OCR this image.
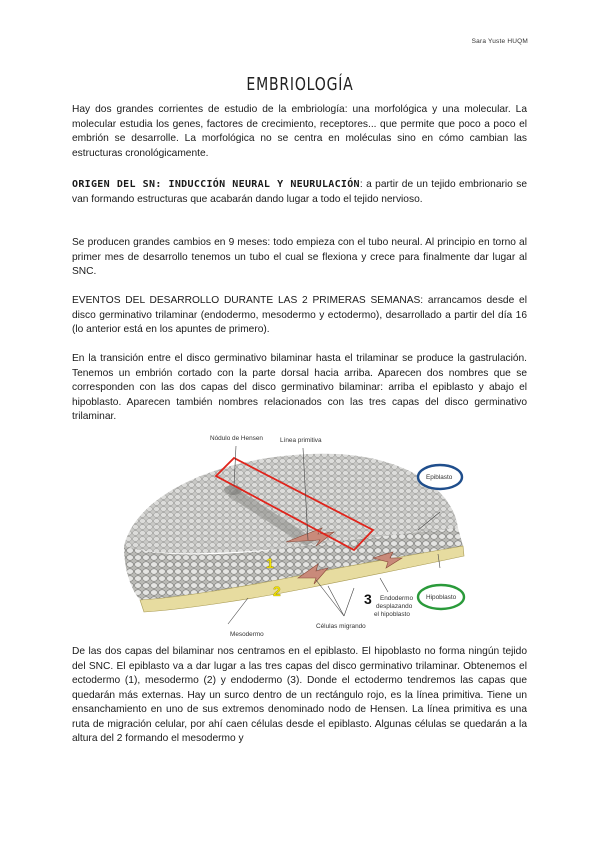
Sara Yuste HUQM
EMBRIOLOGÍA

Hay dos grandes corrientes de estudio de la embriología: una morfológica y una molecular. La molecular estudia los genes, factores de crecimiento, receptores... que permite que poco a poco el embrión se desarrolle. La morfológica no se centra en moléculas sino en cómo cambian las estructuras cronológicamente.

ORIGEN DEL SN: INDUCCIÓN NEURAL Y NEURULACIÓN: a partir de un tejido embrionario se van formando estructuras que acabarán dando lugar a todo el tejido nervioso.

Se producen grandes cambios en 9 meses: todo empieza con el tubo neural. Al principio en torno al primer mes de desarrollo tenemos un tubo el cual se flexiona y crece para finalmente dar lugar al SNC.

EVENTOS DEL DESARROLLO DURANTE LAS 2 PRIMERAS SEMANAS: arrancamos desde el disco germinativo trilaminar (endodermo, mesodermo y ectodermo), desarrollado a partir del día 16 (lo anterior está en los apuntes de primero).

En la transición entre el disco germinativo bilaminar hasta el trilaminar se produce la gastrulación. Tenemos un embrión cortado con la parte dorsal hacia arriba. Aparecen dos nombres que se corresponden con las dos capas del disco germinativo bilaminar: arriba el epiblasto y abajo el hipoblasto. Aparecen también nombres relacionados con las tres capas del disco germinativo trilaminar.

Nódulo de Hensen	Línea primitiva
Mesodermo
Células migrando
Endodermo
desplazando
el hipoblasto
Epiblasto
Hipoblasto
1
2	3

De las dos capas del bilaminar nos centramos en el epiblasto. El hipoblasto no forma ningún tejido del SNC. El epiblasto va a dar lugar a las tres capas del disco germinativo trilaminar. Obtenemos el ectodermo (1), mesodermo (2) y endodermo (3). Donde el ectodermo tendremos las capas que quedarán más externas. Hay un surco dentro de un rectángulo rojo, es la línea primitiva. Tiene un ensanchamiento en uno de sus extremos denominado nodo de Hensen. La línea primitiva es una ruta de migración celular, por ahí caen células desde el epiblasto. Algunas células se quedarán a la altura del 2 formando el mesodermo y
